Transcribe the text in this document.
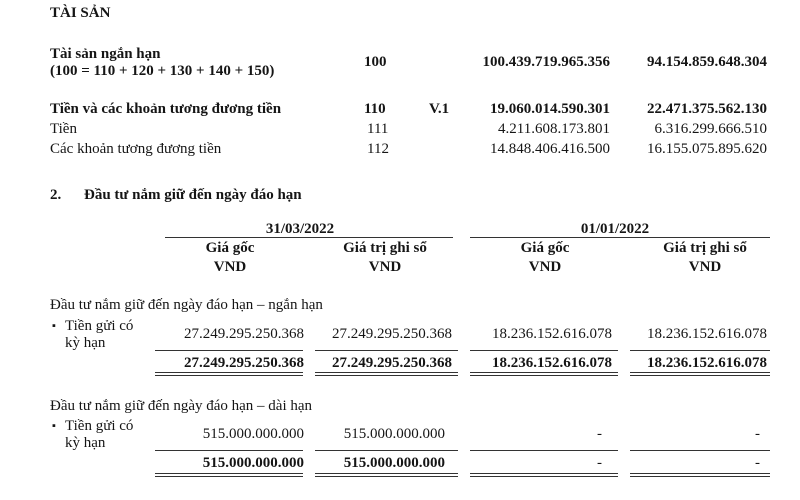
TÀI SẢN
Tài sản ngắn hạn
(100 = 110 + 120 + 130 + 140 + 150)
100	100.439.719.965.356 94.154.859.648.304
Tiền và các khoản tương đương tiền	110	V.1	19.060.014.590.301 22.471.375.562.130
Tiền	111	4.211.608.173.801	6.316.299.666.510
Các khoản tương đương tiền	112	14.848.406.416.500 16.155.075.895.620
2. Đầu tư nắm giữ đến ngày đáo hạn
31/03/2022	01/01/2022
Giá gốc	Giá trị ghi sổ	Giá gốc	Giá trị ghi sổ
VND	VND	VND	VND
Đầu tư nắm giữ đến ngày đáo hạn – ngắn hạn
▪ Tiền gửi có
kỳ hạn
27.249.295.250.368 27.249.295.250.368	18.236.152.616.078 18.236.152.616.078
27.249.295.250.368 27.249.295.250.368	18.236.152.616.078 18.236.152.616.078
Đầu tư nắm giữ đến ngày đáo hạn – dài hạn
▪ Tiền gửi có
kỳ hạn
515.000.000.000	515.000.000.000	-	-
515.000.000.000	515.000.000.000	-	-
